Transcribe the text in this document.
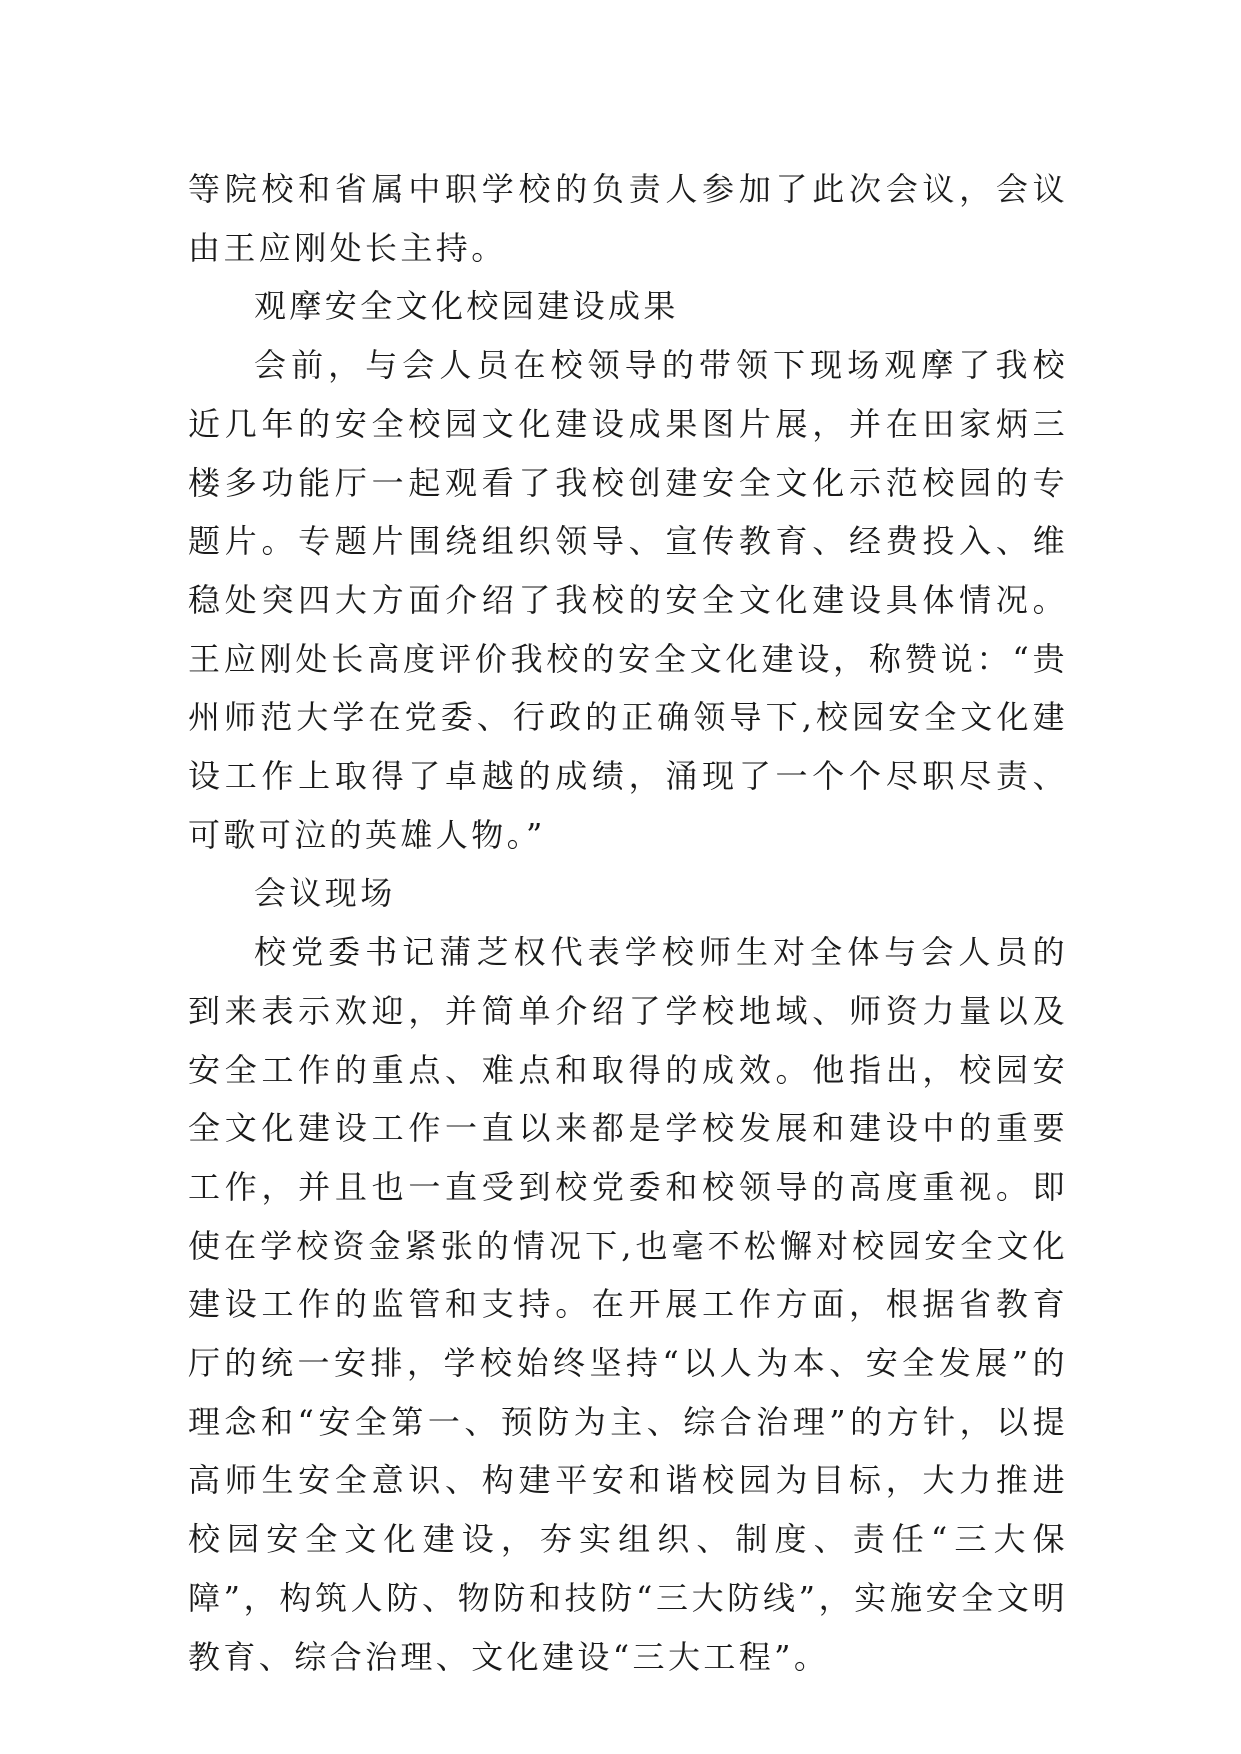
等院校和省属中职学校的负责人参加了此次会议，会议由王应刚处长主持。

观摩安全文化校园建设成果

会前，与会人员在校领导的带领下现场观摩了我校近几年的安全校园文化建设成果图片展，并在田家炳三楼多功能厅一起观看了我校创建安全文化示范校园的专题片。专题片围绕组织领导、宣传教育、经费投入、维稳处突四大方面介绍了我校的安全文化建设具体情况。王应刚处长高度评价我校的安全文化建设，称赞说：“贵州师范大学在党委、行政的正确领导下,校园安全文化建设工作上取得了卓越的成绩，涌现了一个个尽职尽责、可歌可泣的英雄人物。”

会议现场

校党委书记蒲芝权代表学校师生对全体与会人员的到来表示欢迎，并简单介绍了学校地域、师资力量以及安全工作的重点、难点和取得的成效。他指出，校园安全文化建设工作一直以来都是学校发展和建设中的重要工作，并且也一直受到校党委和校领导的高度重视。即使在学校资金紧张的情况下,也毫不松懈对校园安全文化建设工作的监管和支持。在开展工作方面，根据省教育厅的统一安排，学校始终坚持“以人为本、安全发展”的理念和“安全第一、预防为主、综合治理”的方针，以提高师生安全意识、构建平安和谐校园为目标，大力推进校园安全文化建设，夯实组织、制度、责任“三大保障”，构筑人防、物防和技防“三大防线”，实施安全文明教育、综合治理、文化建设“三大工程”。
